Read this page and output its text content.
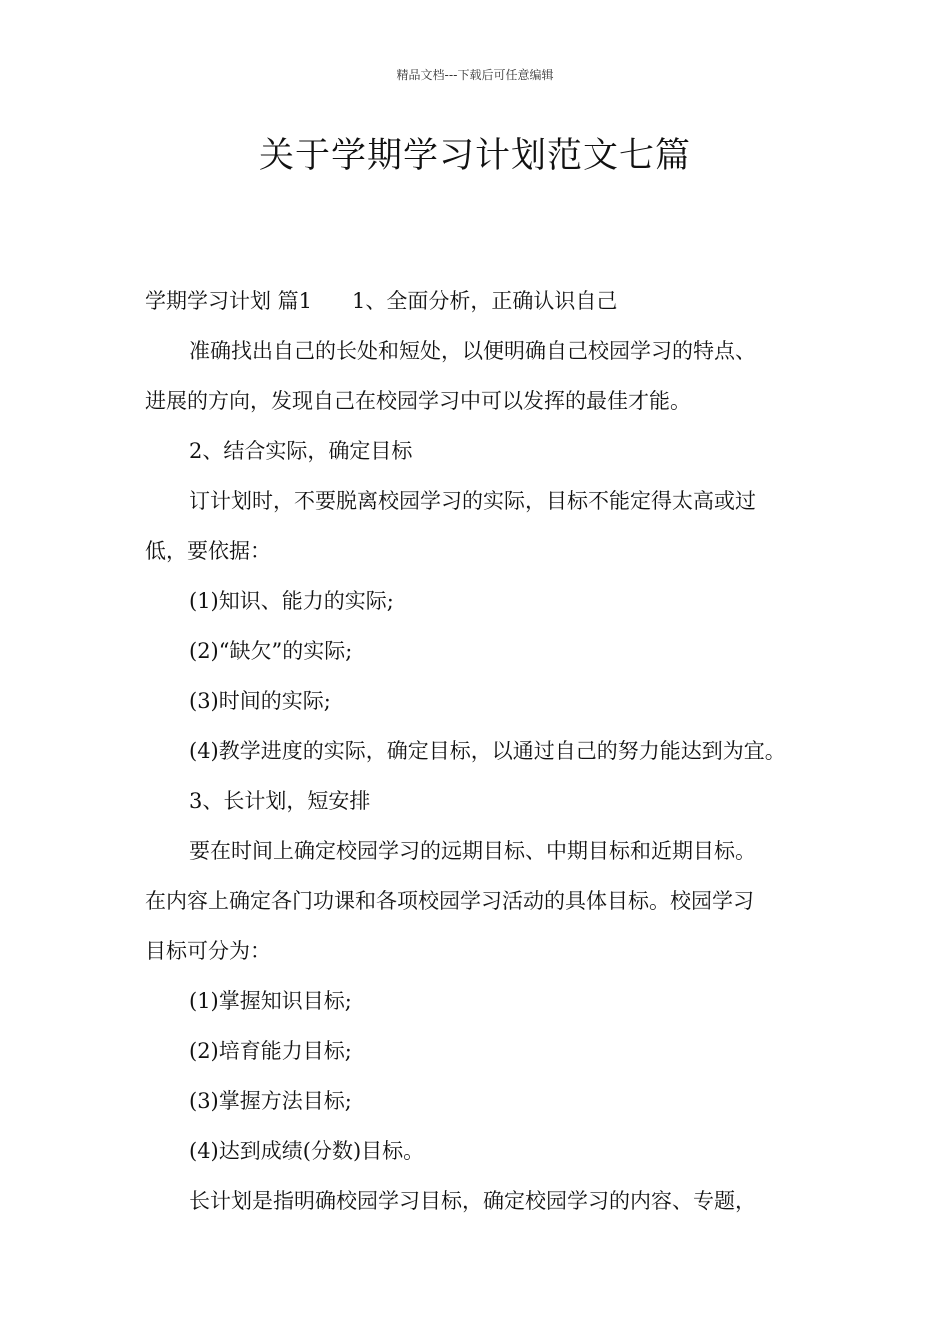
精品文档---下载后可任意编辑
关于学期学习计划范文七篇
学期学习计划 篇1 1、全面分析，正确认识自己
准确找出自己的长处和短处，以便明确自己校园学习的特点、
进展的方向，发现自己在校园学习中可以发挥的最佳才能。
2、结合实际，确定目标
订计划时，不要脱离校园学习的实际，目标不能定得太高或过
低，要依据：
(1)知识、能力的实际;
(2)“缺欠”的实际;
(3)时间的实际;
(4)教学进度的实际，确定目标，以通过自己的努力能达到为宜。
3、长计划，短安排
要在时间上确定校园学习的远期目标、中期目标和近期目标。
在内容上确定各门功课和各项校园学习活动的具体目标。校园学习
目标可分为：
(1)掌握知识目标;
(2)培育能力目标;
(3)掌握方法目标;
(4)达到成绩(分数)目标。
长计划是指明确校园学习目标，确定校园学习的内容、专题，
